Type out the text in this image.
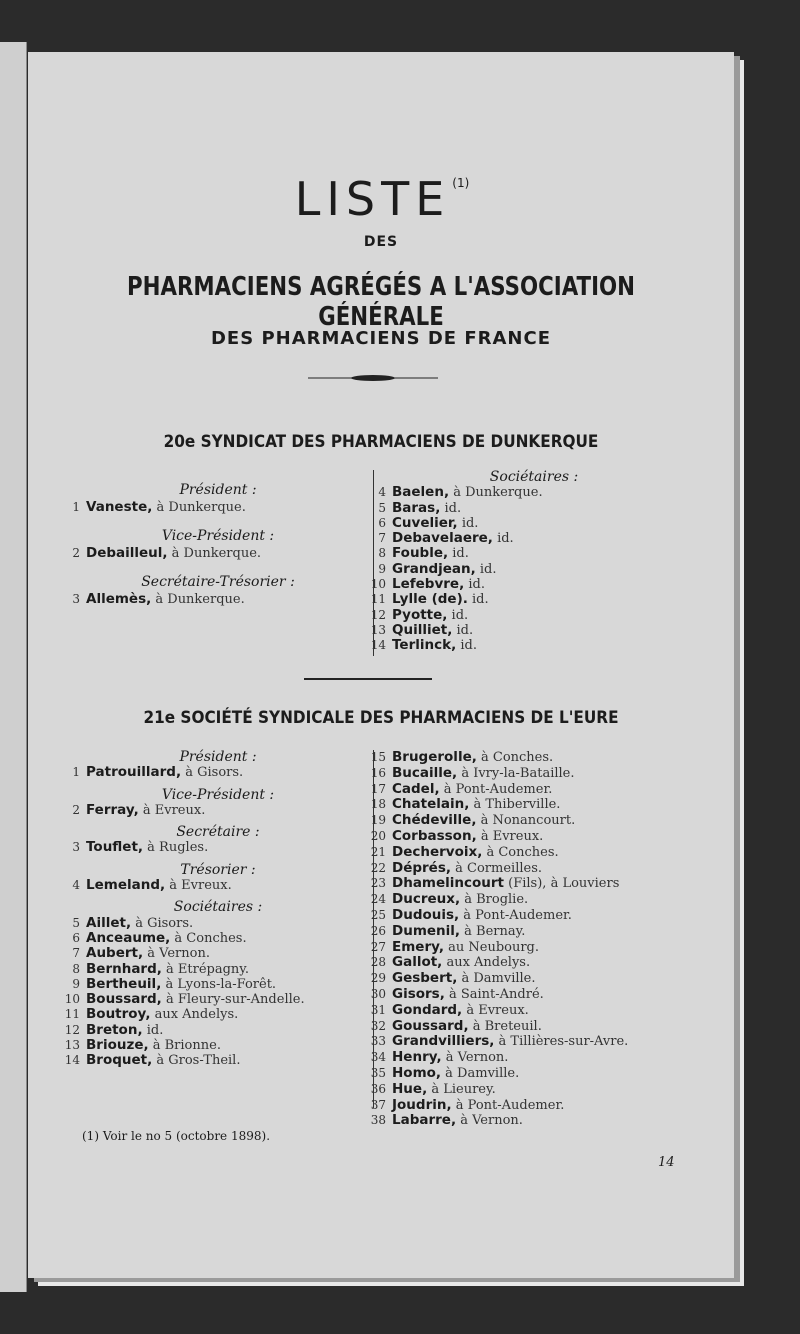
LISTE $^{(1)}$
DES
PHARMACIENS AGRÉGÉS A L'ASSOCIATION GÉNÉRALE
DES PHARMACIENS DE FRANCE
20e SYNDICAT DES PHARMACIENS DE DUNKERQUE
Président :
1 Vaneste, à Dunkerque.
Vice-Président :
2 Debailleul, à Dunkerque.
Secrétaire-Trésorier :
3 Allemès, à Dunkerque.
Sociétaires :
4 Baelen, à Dunkerque.
5 Baras, id.
6 Cuvelier, id.
7 Debavelaere, id.
8 Fouble, id.
9 Grandjean, id.
10 Lefebvre, id.
11 Lylle (de). id.
12 Pyotte, id.
13 Quilliet, id.
14 Terlinck, id.
21e SOCIÉTÉ SYNDICALE DES PHARMACIENS DE L'EURE
Président :
1 Patrouillard, à Gisors.
Vice-Président :
2 Ferray, à Evreux.
Secrétaire :
3 Touflet, à Rugles.
Trésorier :
4 Lemeland, à Evreux.
Sociétaires :
5 Aillet, à Gisors.
6 Anceaume, à Conches.
7 Aubert, à Vernon.
8 Bernhard, à Etrépagny.
9 Bertheuil, à Lyons-la-Forêt.
10 Boussard, à Fleury-sur-Andelle.
11 Boutroy, aux Andelys.
12 Breton, id.
13 Briouze, à Brionne.
14 Broquet, à Gros-Theil.
15 Brugerolle, à Conches.
16 Bucaille, à Ivry-la-Bataille.
17 Cadel, à Pont-Audemer.
18 Chatelain, à Thiberville.
19 Chédeville, à Nonancourt.
20 Corbasson, à Evreux.
21 Dechervoix, à Conches.
22 Déprés, à Cormeilles.
23 Dhamelincourt (Fils), à Louviers
24 Ducreux, à Broglie.
25 Dudouis, à Pont-Audemer.
26 Dumenil, à Bernay.
27 Emery, au Neubourg.
28 Gallot, aux Andelys.
29 Gesbert, à Damville.
30 Gisors, à Saint-André.
31 Gondard, à Evreux.
32 Goussard, à Breteuil.
33 Grandvilliers, à Tillières-sur-Avre.
34 Henry, à Vernon.
35 Homo, à Damville.
36 Hue, à Lieurey.
37 Joudrin, à Pont-Audemer.
38 Labarre, à Vernon.
(1) Voir le no 5 (octobre 1898).
14
